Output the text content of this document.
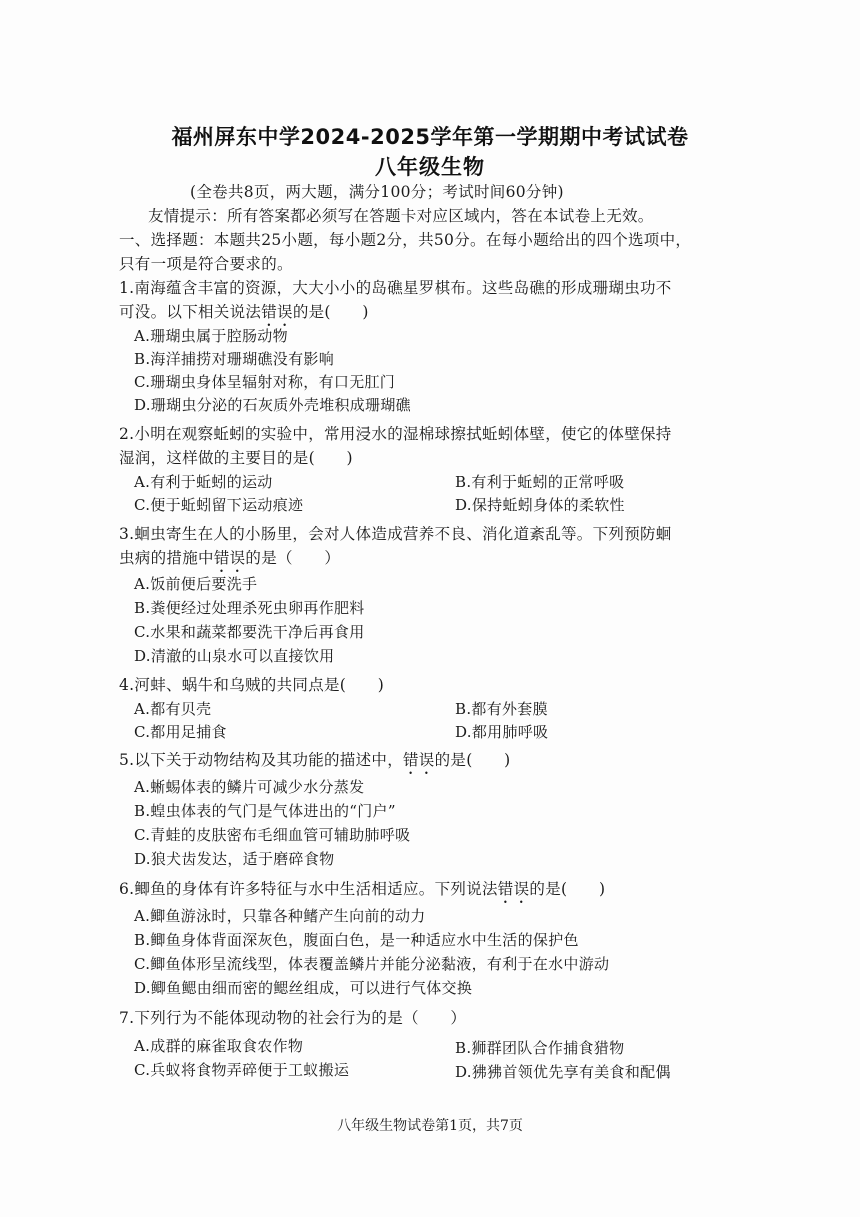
福州屏东中学2024-2025学年第一学期期中考试试卷
八年级生物
(全卷共8页，两大题，满分100分；考试时间60分钟)
友情提示：所有答案都必须写在答题卡对应区域内，答在本试卷上无效。
一、选择题：本题共25小题，每小题2分，共50分。在每小题给出的四个选项中，
只有一项是符合要求的。
1.南海蕴含丰富的资源，大大小小的岛礁星罗棋布。这些岛礁的形成珊瑚虫功不
可没。以下相关说法错误的是(　　)
A.珊瑚虫属于腔肠动物
B.海洋捕捞对珊瑚礁没有影响
C.珊瑚虫身体呈辐射对称，有口无肛门
D.珊瑚虫分泌的石灰质外壳堆积成珊瑚礁
2.小明在观察蚯蚓的实验中，常用浸水的湿棉球擦拭蚯蚓体壁，使它的体壁保持
湿润，这样做的主要目的是(　　)
A.有利于蚯蚓的运动	B.有利于蚯蚓的正常呼吸
C.便于蚯蚓留下运动痕迹	D.保持蚯蚓身体的柔软性
3.蛔虫寄生在人的小肠里，会对人体造成营养不良、消化道紊乱等。下列预防蛔
虫病的措施中错误的是（　　）
A.饭前便后要洗手
B.粪便经过处理杀死虫卵再作肥料
C.水果和蔬菜都要洗干净后再食用
D.清澈的山泉水可以直接饮用
4.河蚌、蜗牛和乌贼的共同点是(　　)
A.都有贝壳	B.都有外套膜
C.都用足捕食	D.都用肺呼吸
5.以下关于动物结构及其功能的描述中，错误的是(　　)
A.蜥蜴体表的鳞片可减少水分蒸发
B.蝗虫体表的气门是气体进出的“门户”
C.青蛙的皮肤密布毛细血管可辅助肺呼吸
D.狼犬齿发达，适于磨碎食物
6.鲫鱼的身体有许多特征与水中生活相适应。下列说法错误的是(　　)
A.鲫鱼游泳时，只靠各种鳍产生向前的动力
B.鲫鱼身体背面深灰色，腹面白色，是一种适应水中生活的保护色
C.鲫鱼体形呈流线型，体表覆盖鳞片并能分泌黏液，有利于在水中游动
D.鲫鱼鳃由细而密的鳃丝组成，可以进行气体交换
7.下列行为不能体现动物的社会行为的是（　　）
A.成群的麻雀取食农作物	B.狮群团队合作捕食猎物
C.兵蚁将食物弄碎便于工蚁搬运	D.狒狒首领优先享有美食和配偶
八年级生物试卷第1页，共7页
